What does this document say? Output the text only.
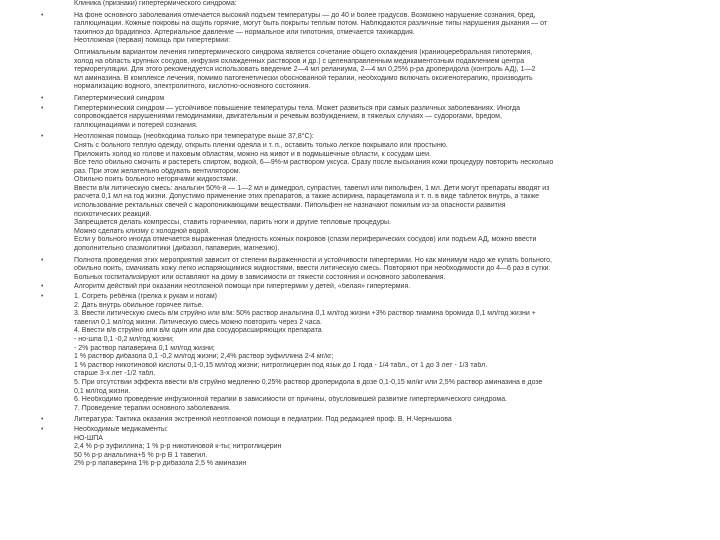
Клиника (признаки) гипертермического синдрома:
•	На фоне основного заболевания отмечается высокий подъем температуры — до 40 и более градусов. Возможно нарушение сознания, бред,
галлюцинации. Кожные покровы на ощупь горячие, могут быть покрыты теплым потом. Наблюдаются различные типы нарушения дыхания — от
тахипноэ до брадипноэ. Артериальное давление — нормальное или гипотония, отмечается тахикардия.
Неотложная (первая) помощь при гипертермии:
Оптимальным вариантом лечения гипертермического синдрома является сочетание общего охлаждения (краниоцеребральная гипотермия,
холод на область крупных сосудов, инфузия охлажденных растворов и др.) с целенаправленным медикаментозным подавлением центра
терморегуляции. Для этого рекомендуется использовать введение 2—4 мл реланиума, 2—4 мл 0,25% р-ра дроперидола (контроль АД), 1—2
мл аминазина. В комплексе лечения, помимо патогенетически обоснованной терапии, необходимо включать оксигенотерапию, производить
нормализацию водного, электролитного, кислотно-основного состояния.
•	Гипертермический синдром
•	Гипертермический синдром — устойчивое повышение температуры тела. Может развиться при самых различных заболеваниях. Иногда
сопровождается нарушениями гемодинамики, двигательным и речевым возбуждением, в тяжелых случаях — судорогами, бредом,
галлюцинациями и потерей сознания.
•	Неотложная помощь (необходима только при температуре выше 37,8°С):
Снять с больного теплую одежду, открыть пленки одеяла и т. п., оставить только легкое покрывало или простыню.
Приложить холод ко голове и паховым областям, можно на живот и в подмышечные области, к сосудам шеи.
Все тело обильно смочить и растереть спиртом, водкой, 6—9%-м раствором уксуса. Сразу после высыхания кожи процедуру повторить несколько
раз. При этом желательно обдувать вентилятором.
Обильно поить больного негорячими жидкостями.
Ввести в/м литическую смесь: анальгин 50%-й — 1—2 мл и димедрол, супрастин, тавегил или пипольфен, 1 мл. Дети могут препараты вводят из
расчета 0,1 мл на год жизни. Допустимо применение этих препаратов, а также аспирина, парацетамола и т. п. в виде таблеток внутрь, а также
использование ректальных свечей с жаропонижающими веществами. Пипольфен не назначают пожилым из-за опасности развития
психотических реакций.
Запрещается делать компрессы, ставить горчичники, парить ноги и другие тепловые процедуры.
Можно сделать клизму с холодной водой.
Если у больного иногда отмечается выраженная бледность кожных покровов (спазм периферических сосудов) или подъем АД, можно ввести
дополнительно спазмолитики (дибазол, папаверин, магнезию).
•	Полнота проведения этих мероприятий зависит от степени выраженности и устойчивости гипертермии. Но как минимум надо же купать больного,
обильно поить, смачивать кожу легко испаряющимися жидкостями, ввести литическую смесь. Повторяют при необходимости до 4—6 раз в сутки.
Больных госпитализируют или оставляют на дому в зависимости от тяжести состояния и основного заболевания.
•	Алгоритм действий при оказании неотложной помощи при гипертермии у детей, «белая» гипертермия.
•	1. Согреть ребёнка (грелка к рукам и ногам)
2. Дать внутрь обильное горячее питье.
3. Ввести литическую смесь в/м струйно или в/м: 50% раствор анальгина 0,1 мл/год жизни +3% раствор тиамина бромида 0,1 мл/год жизни +
тавегил 0,1 мл/год жизни. Литическую смесь можно повторить через 2 часа.
4. Ввести в/в струйно или в/м один или два сосудорасширяющих препарата
- но-шпа 0,1 -0,2 мл/год жизни;
- 2% раствор папаверина 0,1 мл/год жизни;
1 % раствор дибазола 0,1 -0,2 мл/год жизни; 2,4% раствор эуфиллина 2-4 мг/кг;
1 % раствор никотиновой кислоты 0,1-0,15 мл/год жизни; нитроглицерин под язык до 1 года - 1/4 табл., от 1 до 3 лет - 1/3 табл.
старше 3-х лет -1/2 табл.
5. При отсутствии эффекта ввести в/в струйно медленно 0,25% раствор дроперидола в дозе 0,1-0,15 мл/кг или 2,5% раствор аминазина в дозе
0,1 мл/год жизни.
6. Необходимо проведение инфузионной терапии в зависимости от причины, обусловившей развитие гипертермического синдрома.
7. Проведение терапии основного заболевания.
•	Литература: Тактика оказания экстренной неотложной помощи в педиатрии. Под редакцией проф. В. Н.Чернышова
•	Необходимые медикаменты:
НО-ШПА
2,4 % р-р эуфиллина; 1 % р-р никотиновой к-ты; нитроглицерин
50 % р-р анальгина+5 % р-р В 1 тавегил.
2% р-р папаверина 1% р-р дибазола 2,5 % аминазин
